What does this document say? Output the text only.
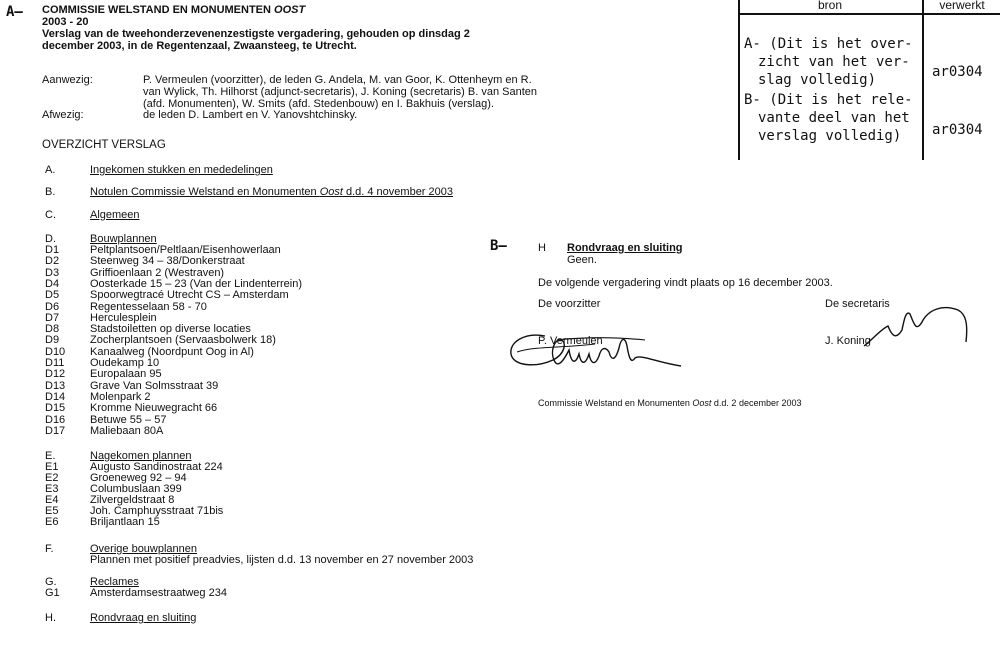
A–
B–
COMMISSIE WELSTAND EN MONUMENTEN OOST
2003 - 20
Verslag van de tweehonderzevenenzestigste vergadering, gehouden op dinsdag 2
december 2003, in de Regentenzaal, Zwaansteeg, te Utrecht.
Aanwezig:	P. Vermeulen (voorzitter), de leden G. Andela, M. van Goor, K. Ottenheym en R.
van Wylick, Th. Hilhorst (adjunct-secretaris), J. Koning (secretaris) B. van Santen
(afd. Monumenten), W. Smits (afd. Stedenbouw) en I. Bakhuis (verslag).
Afwezig:	de leden D. Lambert en V. Yanovshtchinsky.
OVERZICHT VERSLAG
A.	Ingekomen stukken en mededelingen
B.	Notulen Commissie Welstand en Monumenten Oost d.d. 4 november 2003
C.	Algemeen
D.	Bouwplannen
D1	Peltplantsoen/Peltlaan/Eisenhowerlaan
D2	Steenweg 34 – 38/Donkerstraat
D3	Griffioenlaan 2 (Westraven)
D4	Oosterkade 15 – 23 (Van der Lindenterrein)
D5	Spoorwegtracé Utrecht CS – Amsterdam
D6	Regentesselaan 58 - 70
D7	Herculesplein
D8	Stadstoiletten op diverse locaties
D9	Zocherplantsoen (Servaasbolwerk 18)
D10 Kanaalweg (Noordpunt Oog in Al)
D11 Oudekamp 10
D12 Europalaan 95
D13 Grave Van Solmsstraat 39
D14 Molenpark 2
D15 Kromme Nieuwegracht 66
D16 Betuwe 55 – 57
D17 Maliebaan 80A
E.	Nagekomen plannen
E1	Augusto Sandinostraat 224
E2	Groeneweg 92 – 94
E3	Columbuslaan 399
E4	Zilvergeldstraat 8
E5	Joh. Camphuysstraat 71bis
E6	Briljantlaan 15
F.	Overige bouwplannen
Plannen met positief preadvies, lijsten d.d. 13 november en 27 november 2003
G.	Reclames
G1	Amsterdamsestraatweg 234
H.	Rondvraag en sluiting
H Rondvraag en sluiting
Geen.
De volgende vergadering vindt plaats op 16 december 2003.
De voorzitter	De secretaris
P. Vermeulen	J. Koning
Commissie Welstand en Monumenten Oost d.d. 2 december 2003
bron	verwerkt
A- (Dit is het over-
zicht van het ver-
slag volledig)	ar0304
B- (Dit is het rele-
vante deel van het
verslag volledig) ar0304
